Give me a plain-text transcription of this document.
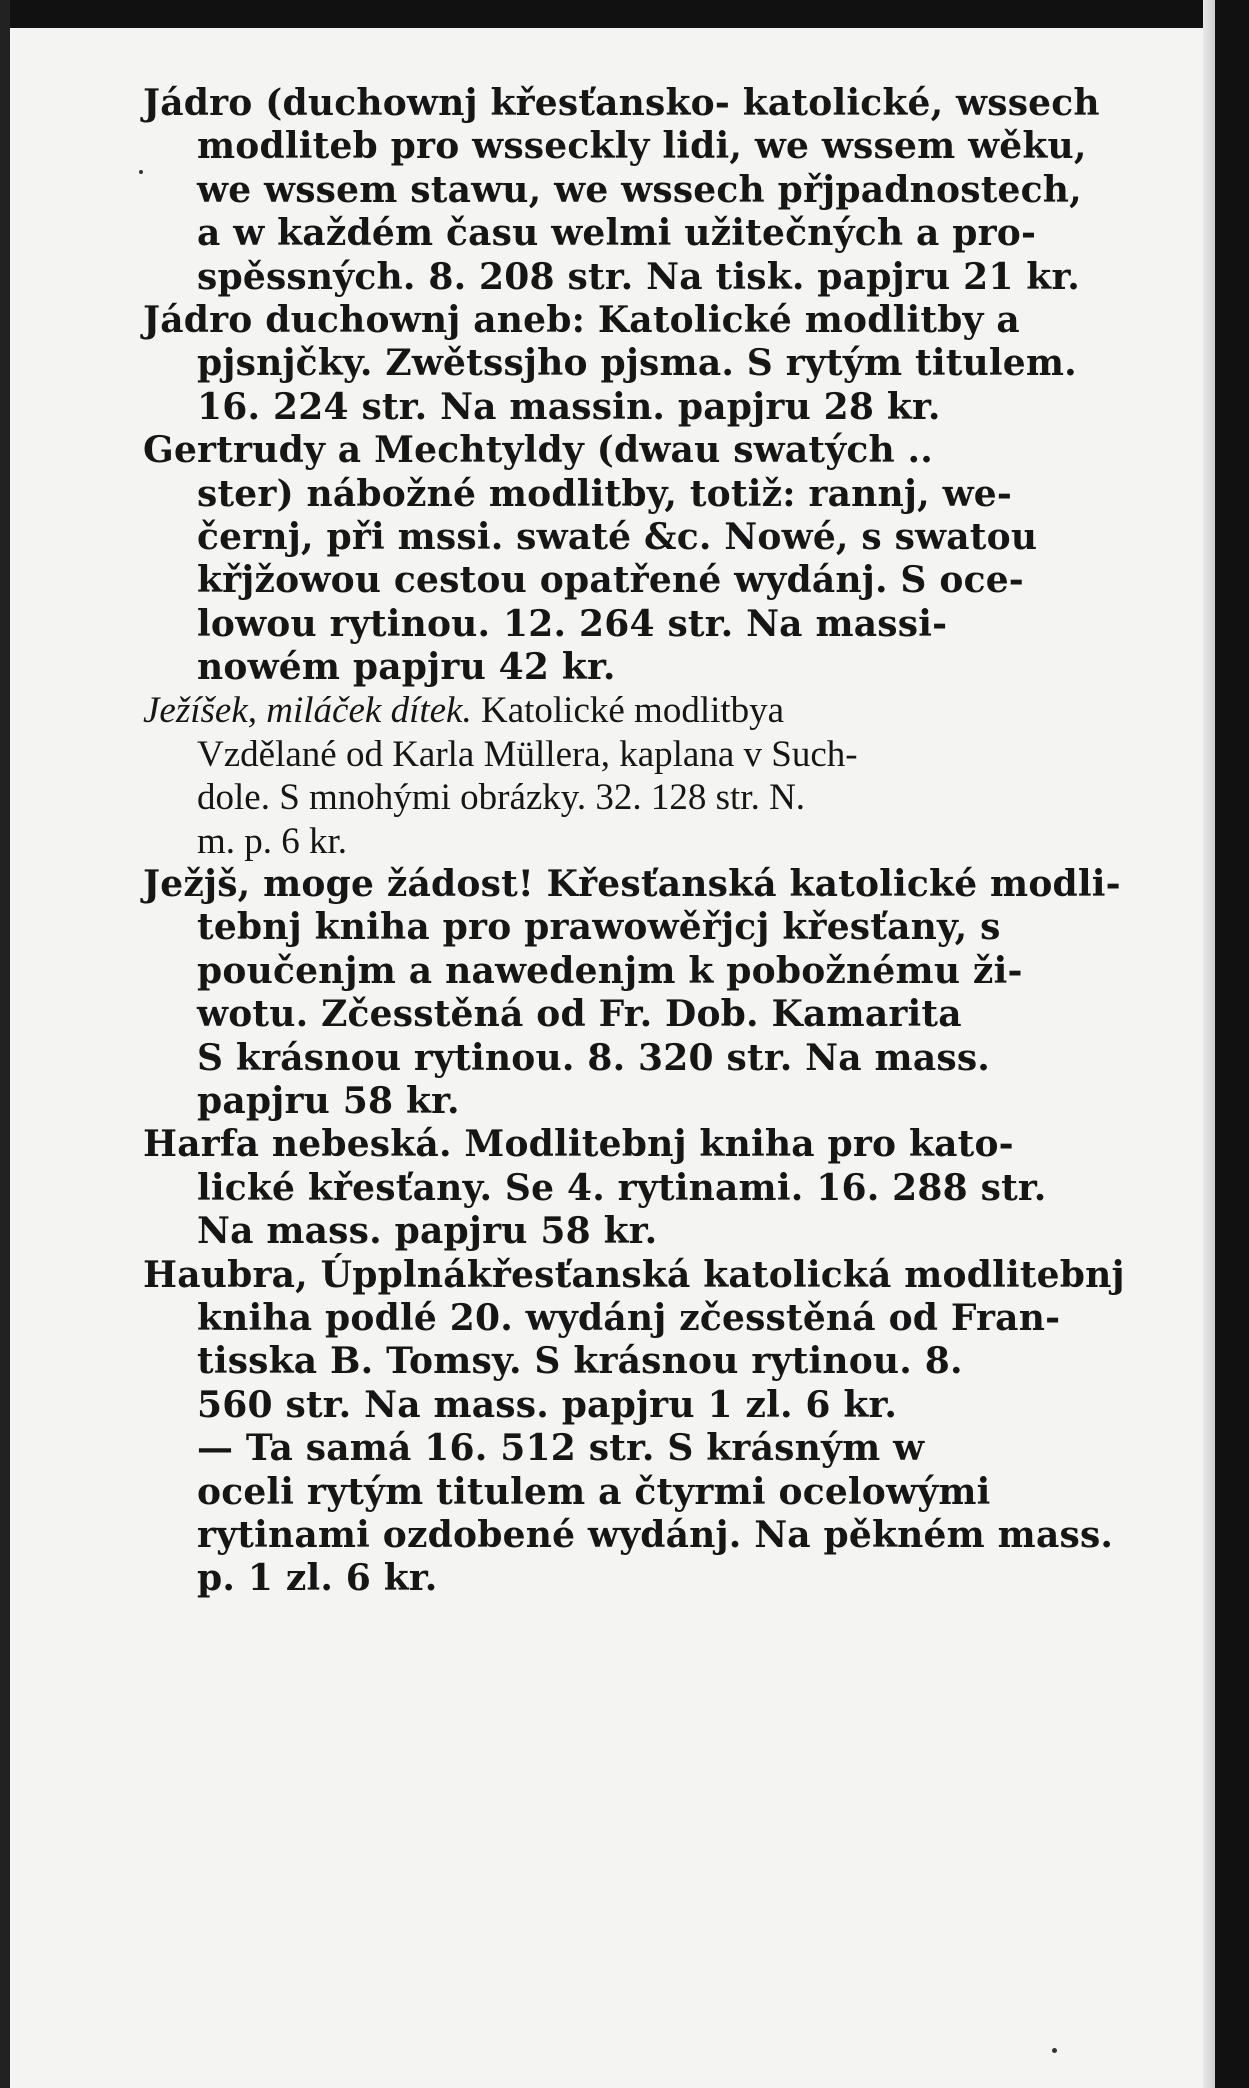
Jádro (duchownj křesťansko- katolické, wssech
modliteb pro wsseckly lidi, we wssem wěku,
we wssem stawu, we wssech přjpadnostech,
a w každém času welmi užitečných a pro-
spěssných. 8. 208 str. Na tisk. papjru 21 kr.
Jádro duchownj aneb: Katolické modlitby a
pjsnjčky. Zwětssjho pjsma. S rytým titulem.
16. 224 str. Na massin. papjru 28 kr.
Gertrudy a Mechtyldy (dwau swatých ..
ster) nábožné modlitby, totiž: rannj, we-
černj, při mssi. swaté &c. Nowé, s swatou
křjžowou cestou opatřené wydánj. S oce-
lowou rytinou. 12. 264 str. Na massi-
nowém papjru 42 kr.
Ježíšek, miláček dítek. Katolické modlitbya
Vzdělané od Karla Müllera, kaplana v Such-
dole. S mnohými obrázky. 32. 128 str. N.
m. p. 6 kr.
Ježjš, moge žádost! Křesťanská katolické modli-
tebnj kniha pro prawowěřjcj křesťany, s
poučenjm a nawedenjm k pobožnému ži-
wotu. Zčesstěná od Fr. Dob. Kamarita
S krásnou rytinou. 8. 320 str. Na mass.
papjru 58 kr.
Harfa nebeská. Modlitebnj kniha pro kato-
lické křesťany. Se 4. rytinami. 16. 288 str.
Na mass. papjru 58 kr.
Haubra, Úpplnákřesťanská katolická modlitebnj
kniha podlé 20. wydánj zčesstěná od Fran-
tisska B. Tomsy. S krásnou rytinou. 8.
560 str. Na mass. papjru 1 zl. 6 kr.
— Ta samá 16. 512 str. S krásným w
oceli rytým titulem a čtyrmi ocelowými
rytinami ozdobené wydánj. Na pěkném mass.
p. 1 zl. 6 kr.
